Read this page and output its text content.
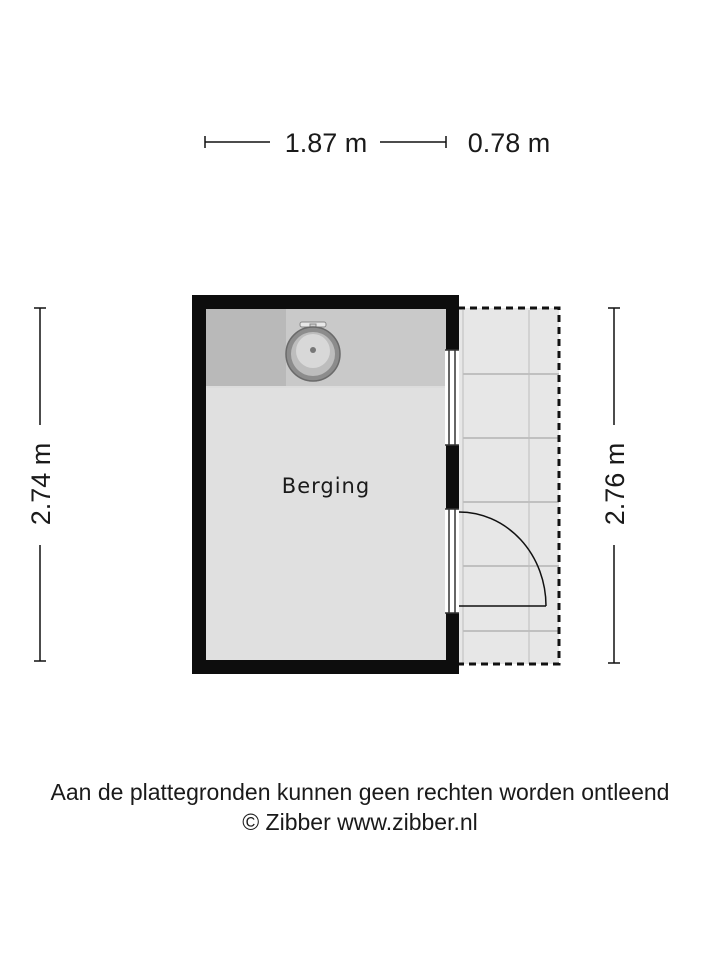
1.87 m	0.78 m
2.74 m	2.76 m
Berging
Aan de plattegronden kunnen geen rechten worden ontleend
© Zibber www.zibber.nl
